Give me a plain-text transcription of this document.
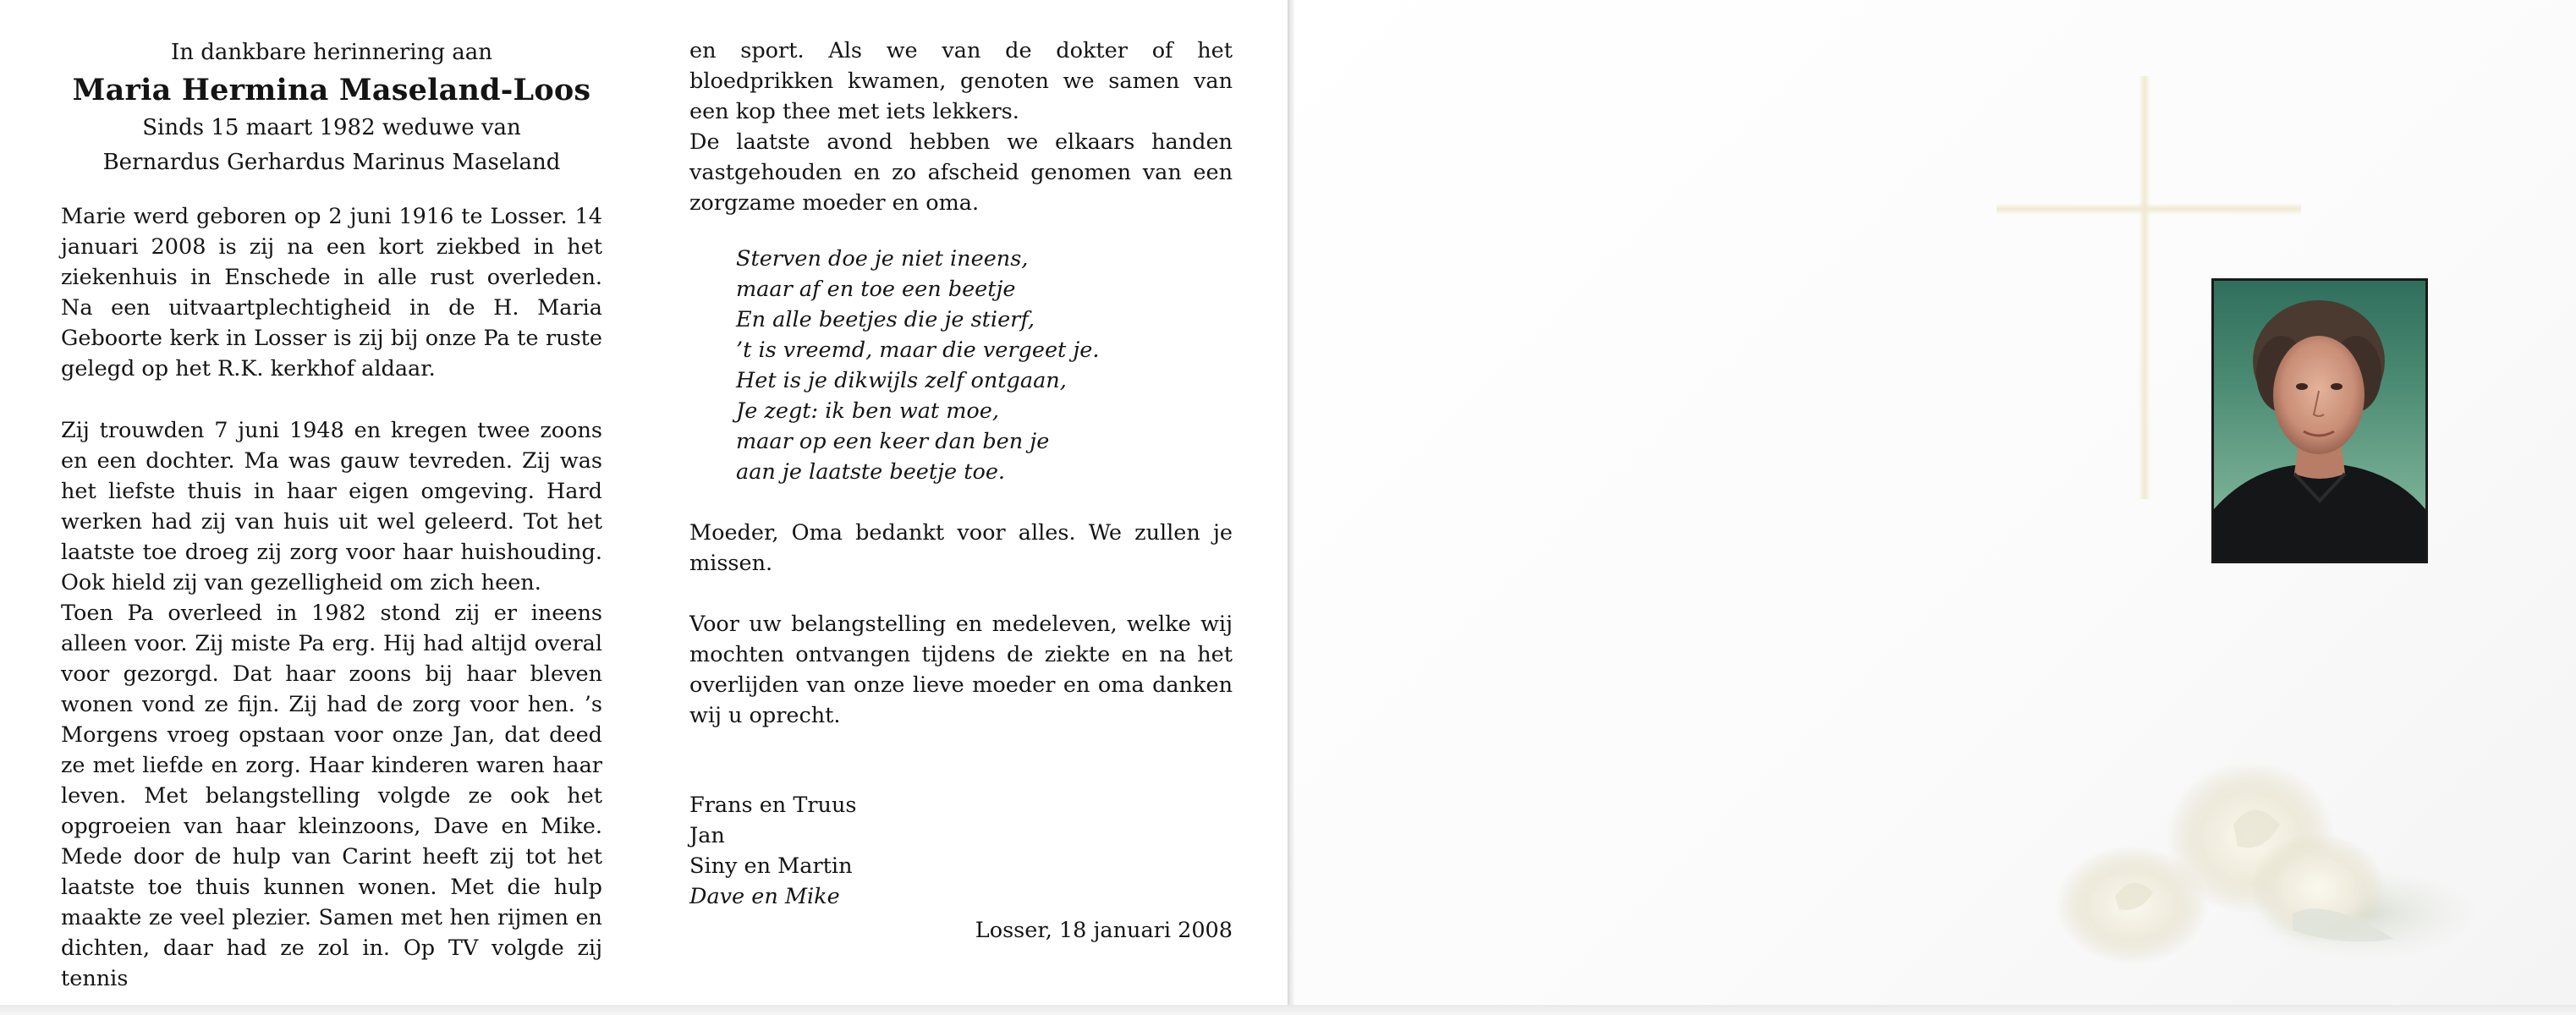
In dankbare herinnering aan

Maria Hermina Maseland-Loos

Sinds 15 maart 1982 weduwe van

Bernardus Gerhardus Marinus Maseland

Marie werd geboren op 2 juni 1916 te Losser. 14 januari 2008 is zij na een kort ziekbed in het ziekenhuis in Enschede in alle rust overleden. Na een uitvaartplechtigheid in de H. Maria Geboorte kerk in Losser is zij bij onze Pa te ruste gelegd op het R.K. kerkhof aldaar.

Zij trouwden 7 juni 1948 en kregen twee zoons en een dochter. Ma was gauw tevreden. Zij was het liefste thuis in haar eigen omgeving. Hard werken had zij van huis uit wel geleerd. Tot het laatste toe droeg zij zorg voor haar huishouding. Ook hield zij van gezelligheid om zich heen.

Toen Pa overleed in 1982 stond zij er ineens alleen voor. Zij miste Pa erg. Hij had altijd overal voor gezorgd. Dat haar zoons bij haar bleven wonen vond ze fijn. Zij had de zorg voor hen. ’s Morgens vroeg opstaan voor onze Jan, dat deed ze met liefde en zorg. Haar kinderen waren haar leven. Met belangstelling volgde ze ook het opgroeien van haar kleinzoons, Dave en Mike. Mede door de hulp van Carint heeft zij tot het laatste toe thuis kunnen wonen. Met die hulp maakte ze veel plezier. Samen met hen rijmen en dichten, daar had ze zol in. Op TV volgde zij tennis

en sport. Als we van de dokter of het bloedprikken kwamen, genoten we samen van een kop thee met iets lekkers.

De laatste avond hebben we elkaars handen vastgehouden en zo afscheid genomen van een zorgzame moeder en oma.

Sterven doe je niet ineens,
maar af en toe een beetje
En alle beetjes die je stierf,
’t is vreemd, maar die vergeet je.
Het is je dikwijls zelf ontgaan,
Je zegt: ik ben wat moe,
maar op een keer dan ben je
aan je laatste beetje toe.

Moeder, Oma bedankt voor alles. We zullen je missen.

Voor uw belangstelling en medeleven, welke wij mochten ontvangen tijdens de ziekte en na het overlijden van onze lieve moeder en oma danken wij u oprecht.

Frans en Truus
Jan
Siny en Martin
Dave en Mike
Losser, 18 januari 2008
